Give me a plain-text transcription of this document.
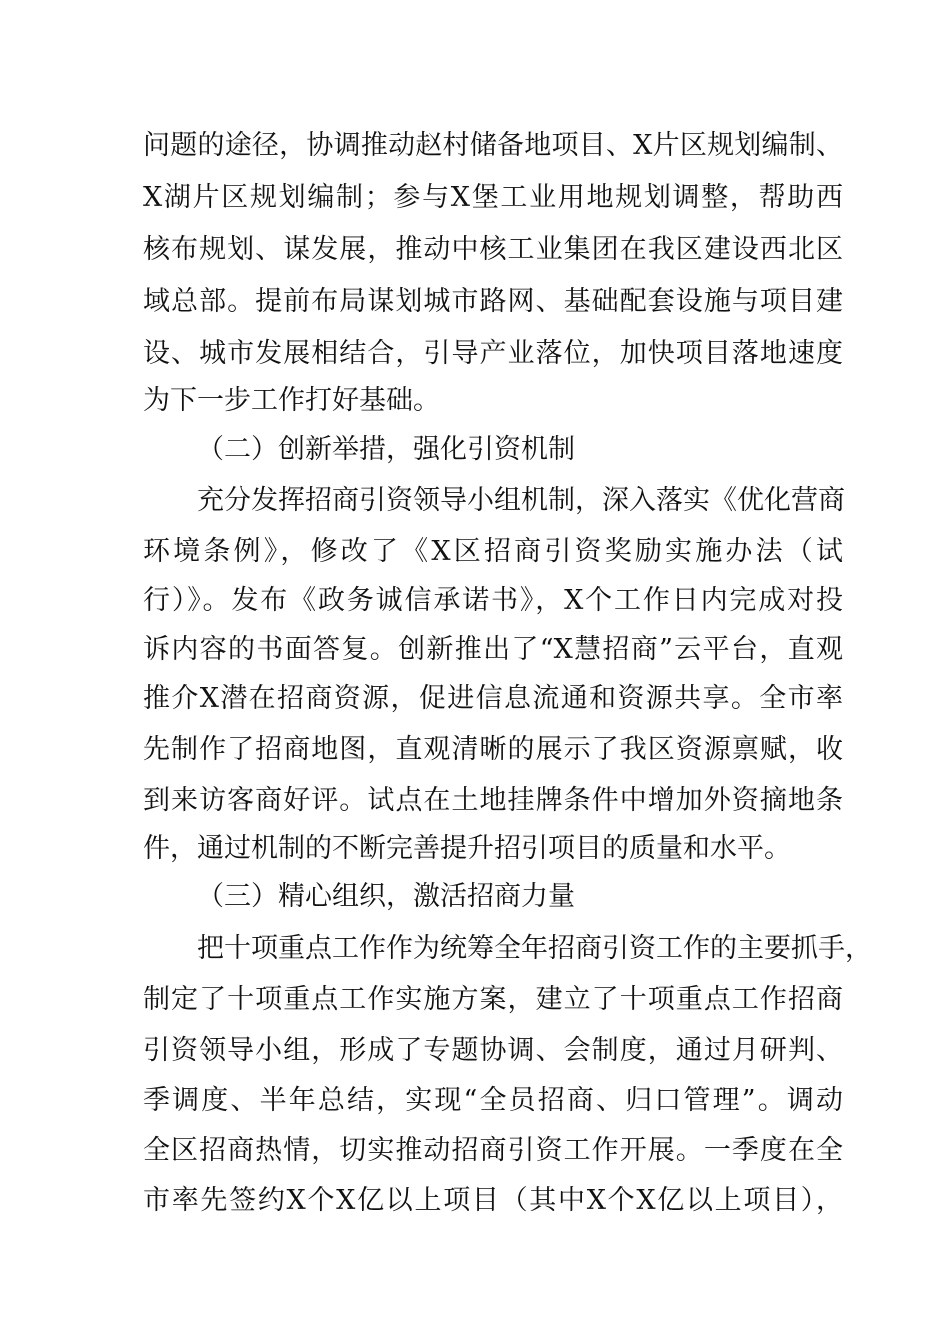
问题的途径，协调推动赵村储备地项目、X片区规划编制、
X湖片区规划编制；参与X堡工业用地规划调整，帮助西
核布规划、谋发展，推动中核工业集团在我区建设西北区
域总部。提前布局谋划城市路网、基础配套设施与项目建
设、城市发展相结合，引导产业落位，加快项目落地速度
为下一步工作打好基础。
（二）创新举措，强化引资机制
充分发挥招商引资领导小组机制，深入落实《优化营商
环境条例》，修改了《X区招商引资奖励实施办法（试
行）》。发布《政务诚信承诺书》，X个工作日内完成对投
诉内容的书面答复。创新推出了“X慧招商”云平台，直观
推介X潜在招商资源，促进信息流通和资源共享。全市率
先制作了招商地图，直观清晰的展示了我区资源禀赋，收
到来访客商好评。试点在土地挂牌条件中增加外资摘地条
件，通过机制的不断完善提升招引项目的质量和水平。
（三）精心组织，激活招商力量
把十项重点工作作为统筹全年招商引资工作的主要抓手，
制定了十项重点工作实施方案，建立了十项重点工作招商
引资领导小组，形成了专题协调、会制度，通过月研判、
季调度、半年总结，实现“全员招商、归口管理”。调动
全区招商热情，切实推动招商引资工作开展。一季度在全
市率先签约X个X亿以上项目（其中X个X亿以上项目），
